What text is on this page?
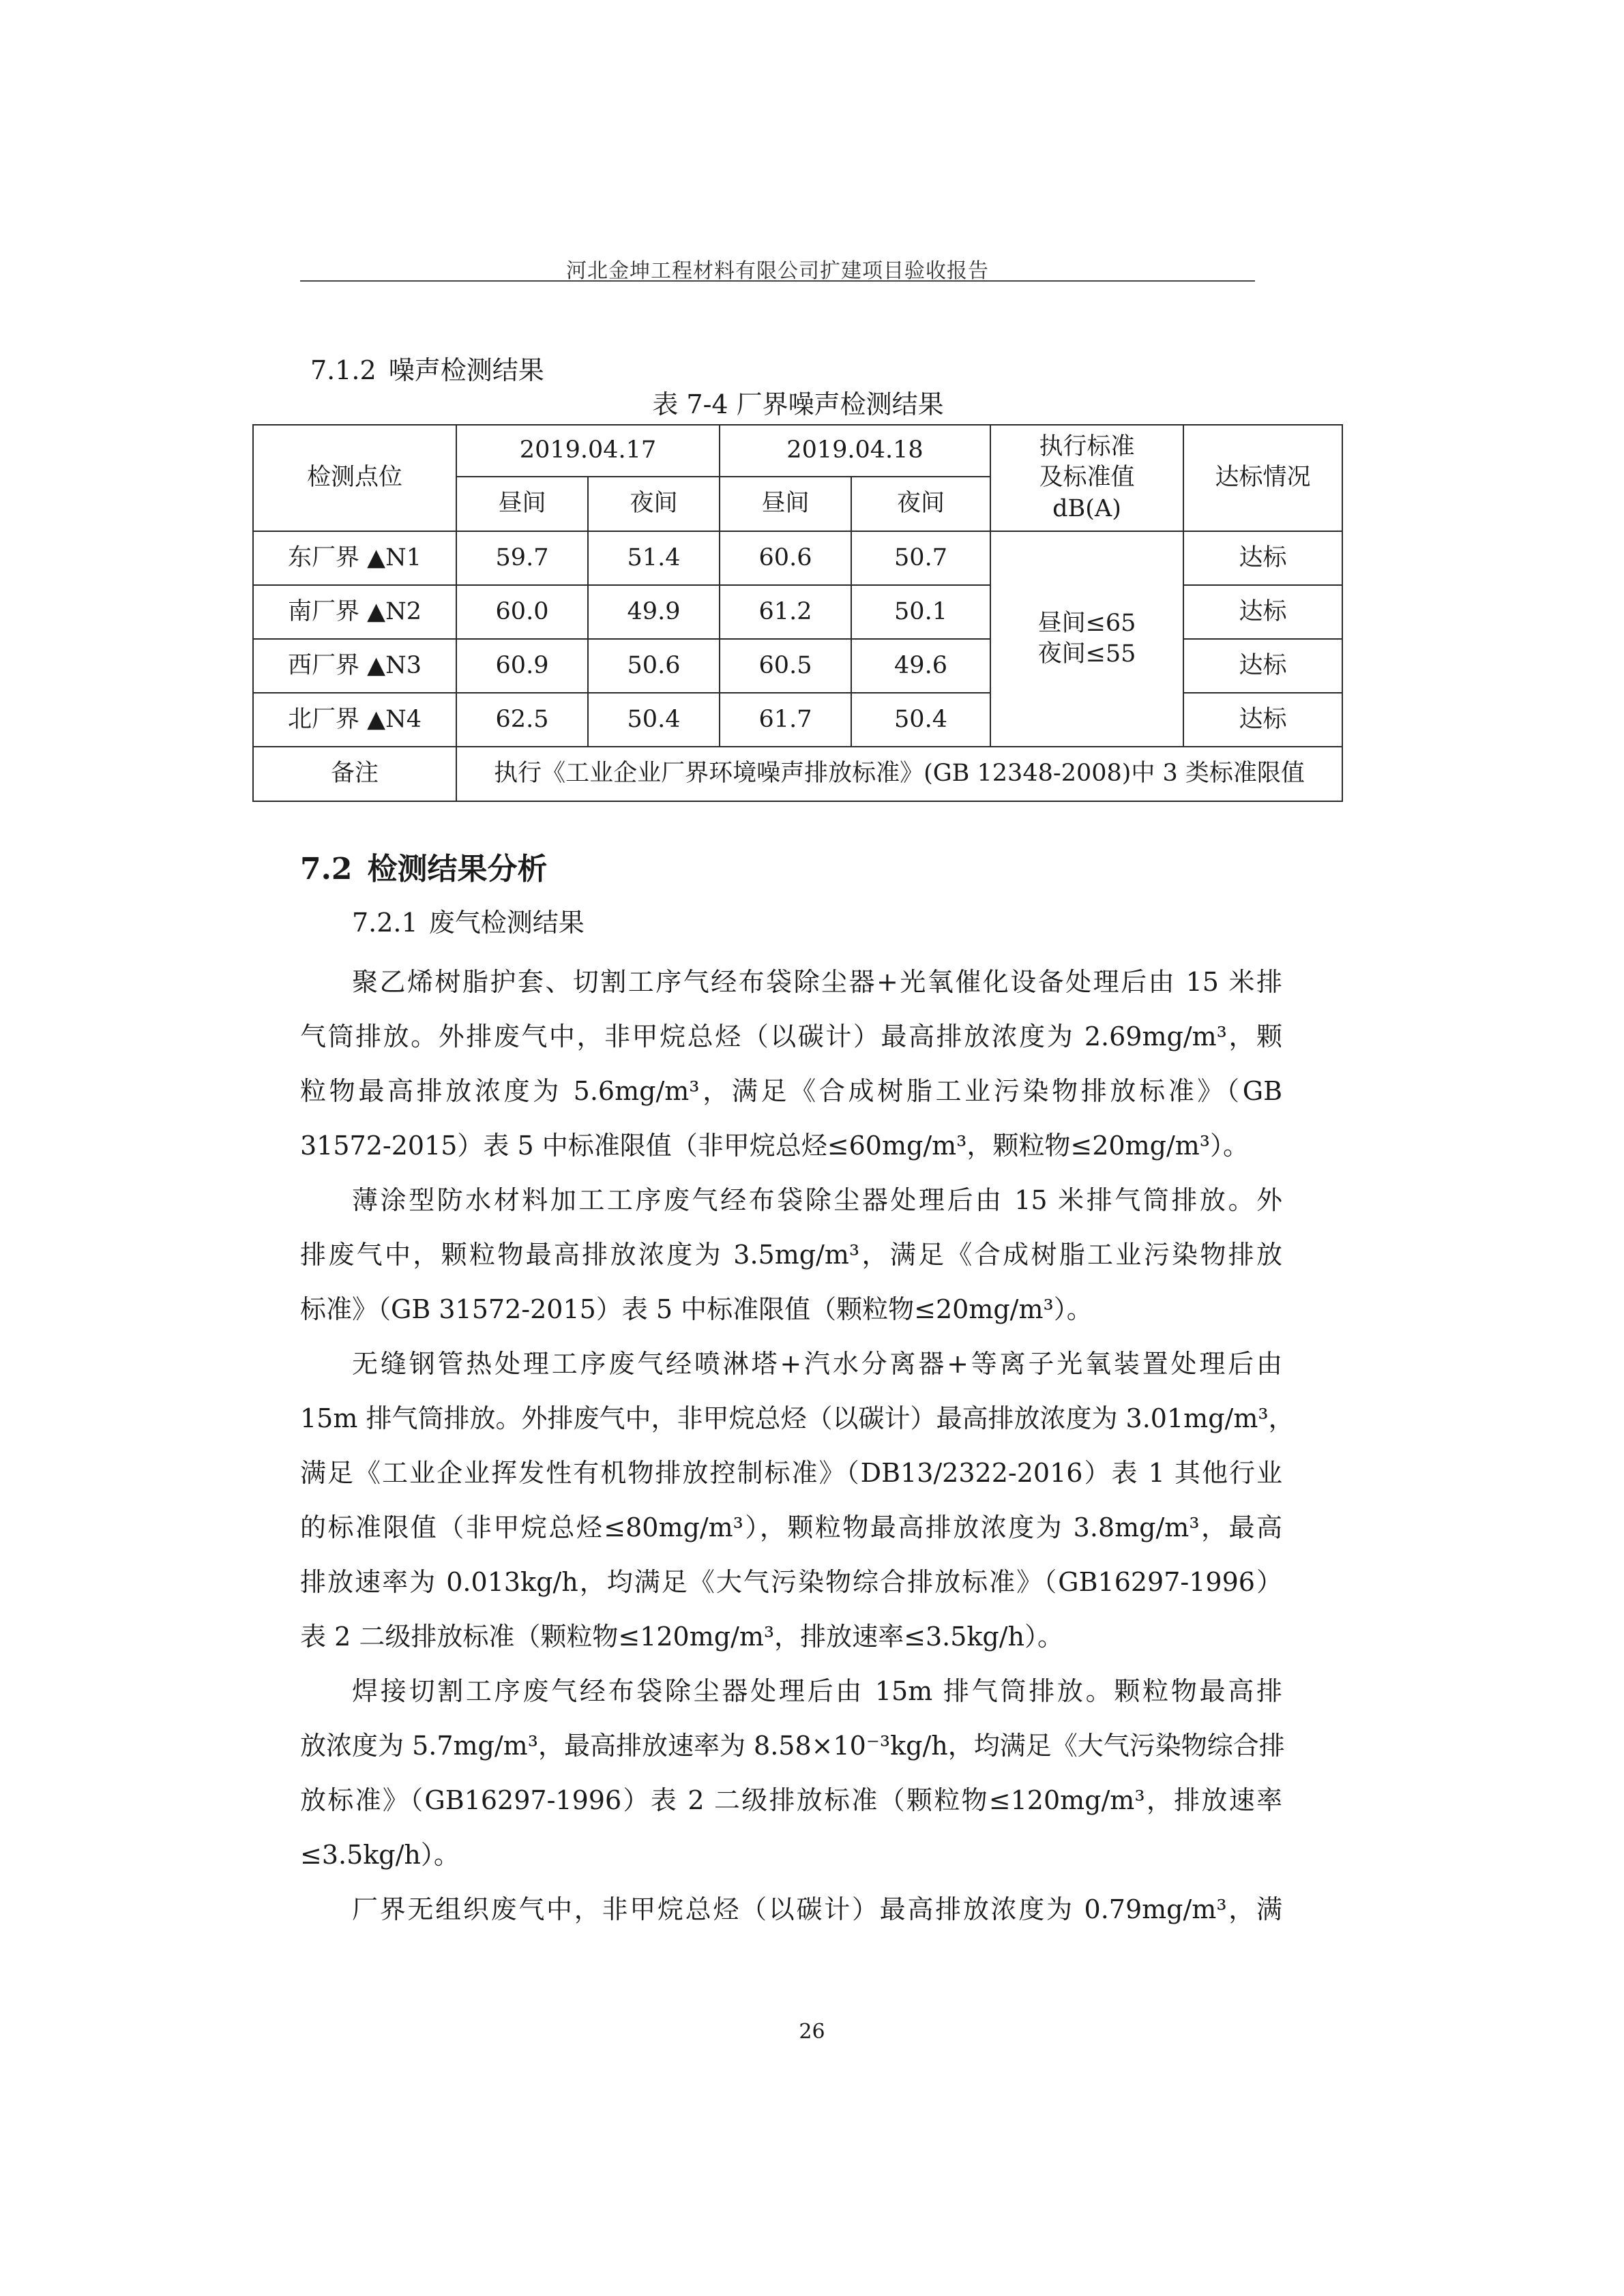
河北金坤工程材料有限公司扩建项目验收报告
7.1.2 噪声检测结果
表 7-4 厂界噪声检测结果
检测点位	2019.04.17		2019.04.18		执行标准
及标准值
dB(A)	达标情况
	昼间	夜间	昼间	夜间		
东厂界 ▲N1	59.7	51.4	60.6	50.7	昼间≤65
夜间≤55	达标
南厂界 ▲N2	60.0	49.9	61.2	50.1		达标
西厂界 ▲N3	60.9	50.6	60.5	49.6		达标
北厂界 ▲N4	62.5	50.4	61.7	50.4		达标
备注	执行《工业企业厂界环境噪声排放标准》(GB 12348-2008)中 3 类标准限值					
7.2 检测结果分析
7.2.1 废气检测结果
聚乙烯树脂护套、切割工序气经布袋除尘器+光氧催化设备处理后由 15 米排
气筒排放。外排废气中，非甲烷总烃（以碳计）最高排放浓度为 2.69mg/m³，颗
粒物最高排放浓度为 5.6mg/m³，满足《合成树脂工业污染物排放标准》（GB
31572-2015）表 5 中标准限值（非甲烷总烃≤60mg/m³，颗粒物≤20mg/m³）。
薄涂型防水材料加工工序废气经布袋除尘器处理后由 15 米排气筒排放。外
排废气中，颗粒物最高排放浓度为 3.5mg/m³，满足《合成树脂工业污染物排放
标准》（GB 31572-2015）表 5 中标准限值（颗粒物≤20mg/m³）。
无缝钢管热处理工序废气经喷淋塔+汽水分离器+等离子光氧装置处理后由
15m 排气筒排放。外排废气中，非甲烷总烃（以碳计）最高排放浓度为 3.01mg/m³，
满足《工业企业挥发性有机物排放控制标准》（DB13/2322-2016）表 1 其他行业
的标准限值（非甲烷总烃≤80mg/m³），颗粒物最高排放浓度为 3.8mg/m³，最高
排放速率为 0.013kg/h，均满足《大气污染物综合排放标准》（GB16297-1996）
表 2 二级排放标准（颗粒物≤120mg/m³，排放速率≤3.5kg/h）。
焊接切割工序废气经布袋除尘器处理后由 15m 排气筒排放。颗粒物最高排
放浓度为 5.7mg/m³，最高排放速率为 8.58×10⁻³kg/h，均满足《大气污染物综合排
放标准》（GB16297-1996）表 2 二级排放标准（颗粒物≤120mg/m³，排放速率
≤3.5kg/h）。
厂界无组织废气中，非甲烷总烃（以碳计）最高排放浓度为 0.79mg/m³，满
26
